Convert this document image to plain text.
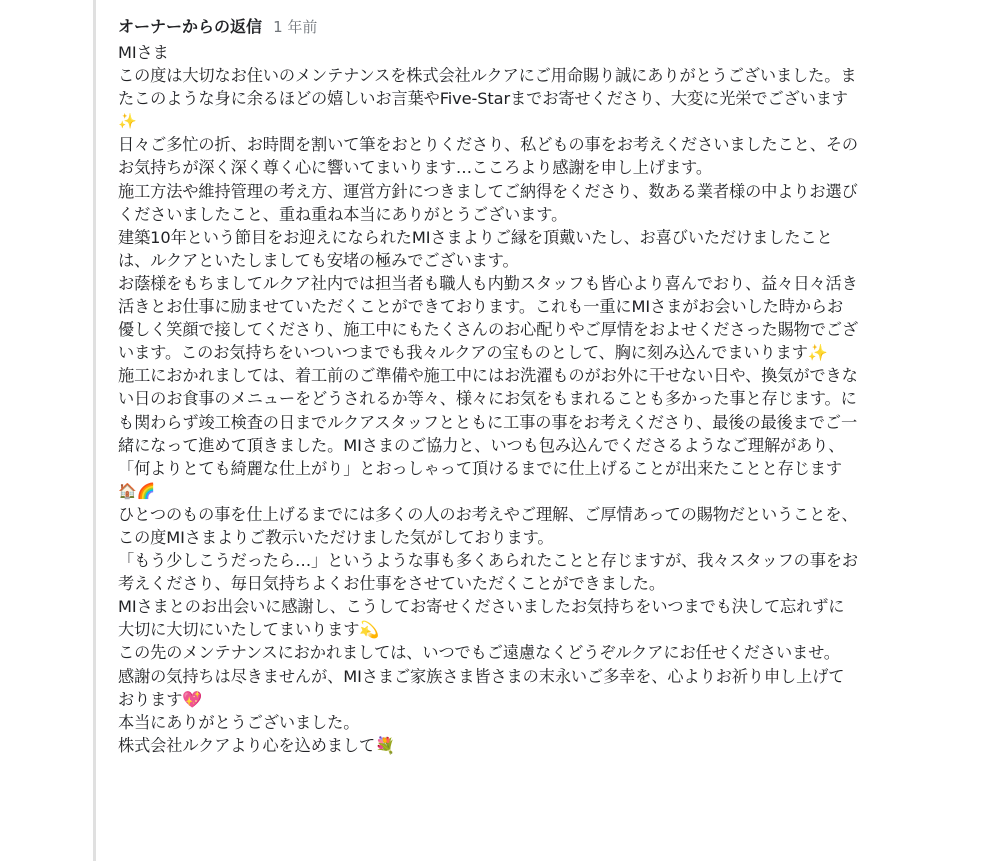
オーナーからの返信 1 年前
MIさま
この度は大切なお住いのメンテナンスを株式会社ルクアにご用命賜り誠にありがとうございました。ま
たこのような身に余るほどの嬉しいお言葉やFive-Starまでお寄せくださり、大変に光栄でございます
✨
日々ご多忙の折、お時間を割いて筆をおとりくださり、私どもの事をお考えくださいましたこと、その
お気持ちが深く深く尊く心に響いてまいります…こころより感謝を申し上げます。
施工方法や維持管理の考え方、運営方針につきましてご納得をくださり、数ある業者様の中よりお選び
くださいましたこと、重ね重ね本当にありがとうございます。
建築10年という節目をお迎えになられたMIさまよりご縁を頂戴いたし、お喜びいただけましたこと
は、ルクアといたしましても安堵の極みでございます。
お蔭様をもちましてルクア社内では担当者も職人も内勤スタッフも皆心より喜んでおり、益々日々活き
活きとお仕事に励ませていただくことができております。これも一重にMIさまがお会いした時からお
優しく笑顔で接してくださり、施工中にもたくさんのお心配りやご厚情をおよせくださった賜物でござ
います。このお気持ちをいついつまでも我々ルクアの宝ものとして、胸に刻み込んでまいります✨
施工におかれましては、着工前のご準備や施工中にはお洗濯ものがお外に干せない日や、換気ができな
い日のお食事のメニューをどうされるか等々、様々にお気をもまれることも多かった事と存じます。に
も関わらず竣工検査の日までルクアスタッフとともに工事の事をお考えくださり、最後の最後までご一
緒になって進めて頂きました。MIさまのご協力と、いつも包み込んでくださるようなご理解があり、
「何よりとても綺麗な仕上がり」とおっしゃって頂けるまでに仕上げることが出来たことと存じます
🏠🌈
ひとつのもの事を仕上げるまでには多くの人のお考えやご理解、ご厚情あっての賜物だということを、
この度MIさまよりご教示いただけました気がしております。
「もう少しこうだったら…」というような事も多くあられたことと存じますが、我々スタッフの事をお
考えくださり、毎日気持ちよくお仕事をさせていただくことができました。
MIさまとのお出会いに感謝し、こうしてお寄せくださいましたお気持ちをいつまでも決して忘れずに
大切に大切にいたしてまいります💫
この先のメンテナンスにおかれましては、いつでもご遠慮なくどうぞルクアにお任せくださいませ。
感謝の気持ちは尽きませんが、MIさまご家族さま皆さまの末永いご多幸を、心よりお祈り申し上げて
おります💖
本当にありがとうございました。
株式会社ルクアより心を込めまして💐
